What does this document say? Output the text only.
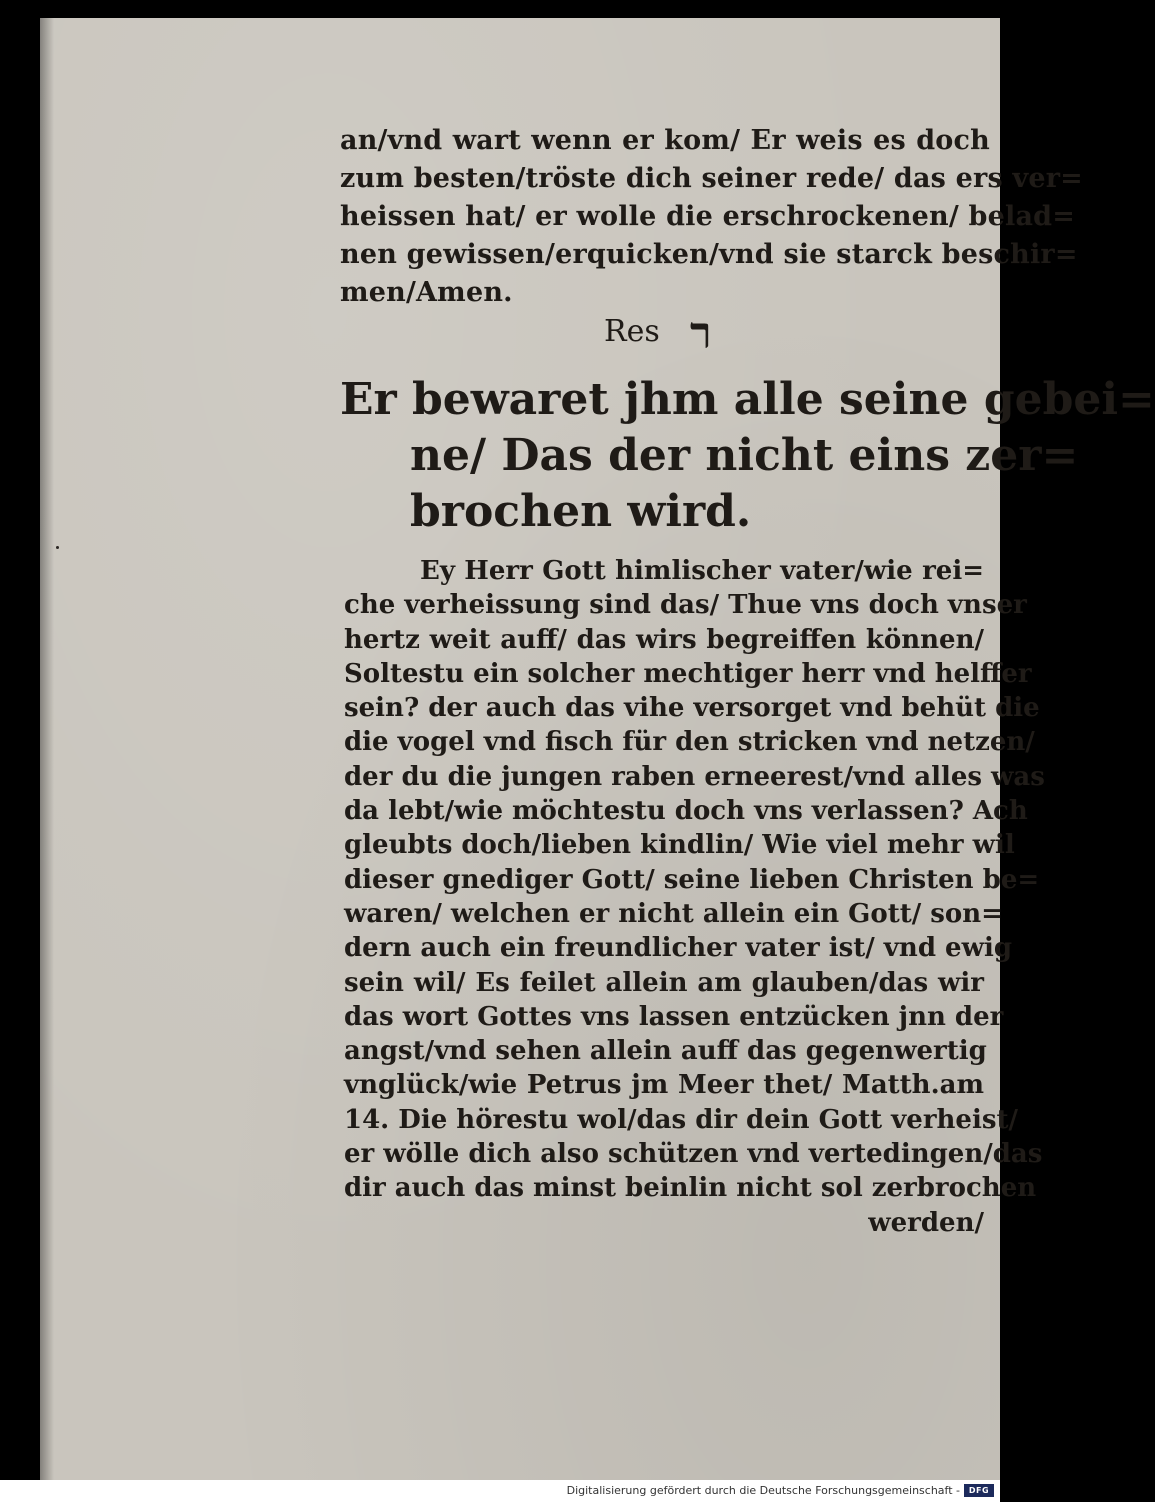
an/vnd wart wenn er kom/ Er weis es doch
zum besten/tröste dich seiner rede/ das ers ver=
heissen hat/ er wolle die erschrockenen/ belad=
nen gewissen/erquicken/vnd sie starck beschir=
men/Amen.
Res ר
Er bewaret jhm alle seine gebei=
ne/ Das der nicht eins zer=
brochen wird.
Ey Herr Gott himlischer vater/wie rei=
che verheissung sind das/ Thue vns doch vnser
hertz weit auff/ das wirs begreiffen können/
Soltestu ein solcher mechtiger herr vnd helffer
sein? der auch das vihe versorget vnd behüt die
die vogel vnd fisch für den stricken vnd netzen/
der du die jungen raben erneerest/vnd alles was
da lebt/wie möchtestu doch vns verlassen? Ach
gleubts doch/lieben kindlin/ Wie viel mehr wil
dieser gnediger Gott/ seine lieben Christen be=
waren/ welchen er nicht allein ein Gott/ son=
dern auch ein freundlicher vater ist/ vnd ewig
sein wil/ Es feilet allein am glauben/das wir
das wort Gottes vns lassen entzücken jnn der
angst/vnd sehen allein auff das gegenwertig
vnglück/wie Petrus jm Meer thet/ Matth.am
14. Die hörestu wol/das dir dein Gott verheist/
er wölle dich also schützen vnd vertedingen/das
dir auch das minst beinlin nicht sol zerbrochen
werden/
Digitalisierung gefördert durch die Deutsche Forschungsgemeinschaft -	DFG
